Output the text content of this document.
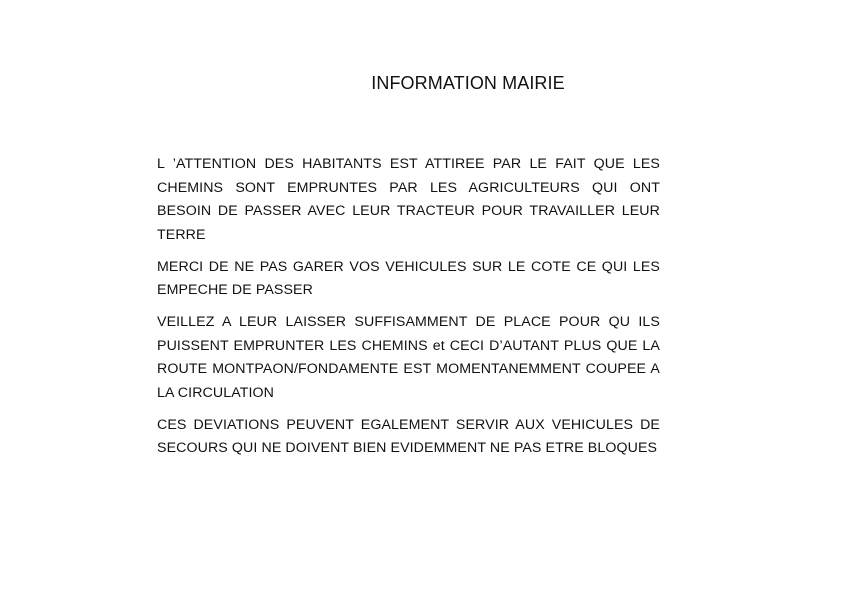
INFORMATION MAIRIE

L ’ATTENTION DES HABITANTS EST ATTIREE PAR LE FAIT QUE LES CHEMINS SONT EMPRUNTES PAR LES AGRICULTEURS QUI ONT BESOIN DE PASSER AVEC LEUR TRACTEUR POUR TRAVAILLER LEUR TERRE

MERCI DE NE PAS GARER VOS VEHICULES SUR LE COTE CE QUI LES EMPECHE DE PASSER

VEILLEZ A LEUR LAISSER SUFFISAMMENT DE PLACE POUR QU ILS PUISSENT EMPRUNTER LES CHEMINS et CECI D’AUTANT PLUS QUE LA ROUTE MONTPAON/FONDAMENTE EST MOMENTANEMMENT COUPEE A LA CIRCULATION

CES DEVIATIONS PEUVENT EGALEMENT SERVIR AUX VEHICULES DE SECOURS QUI NE DOIVENT BIEN EVIDEMMENT NE PAS ETRE BLOQUES
